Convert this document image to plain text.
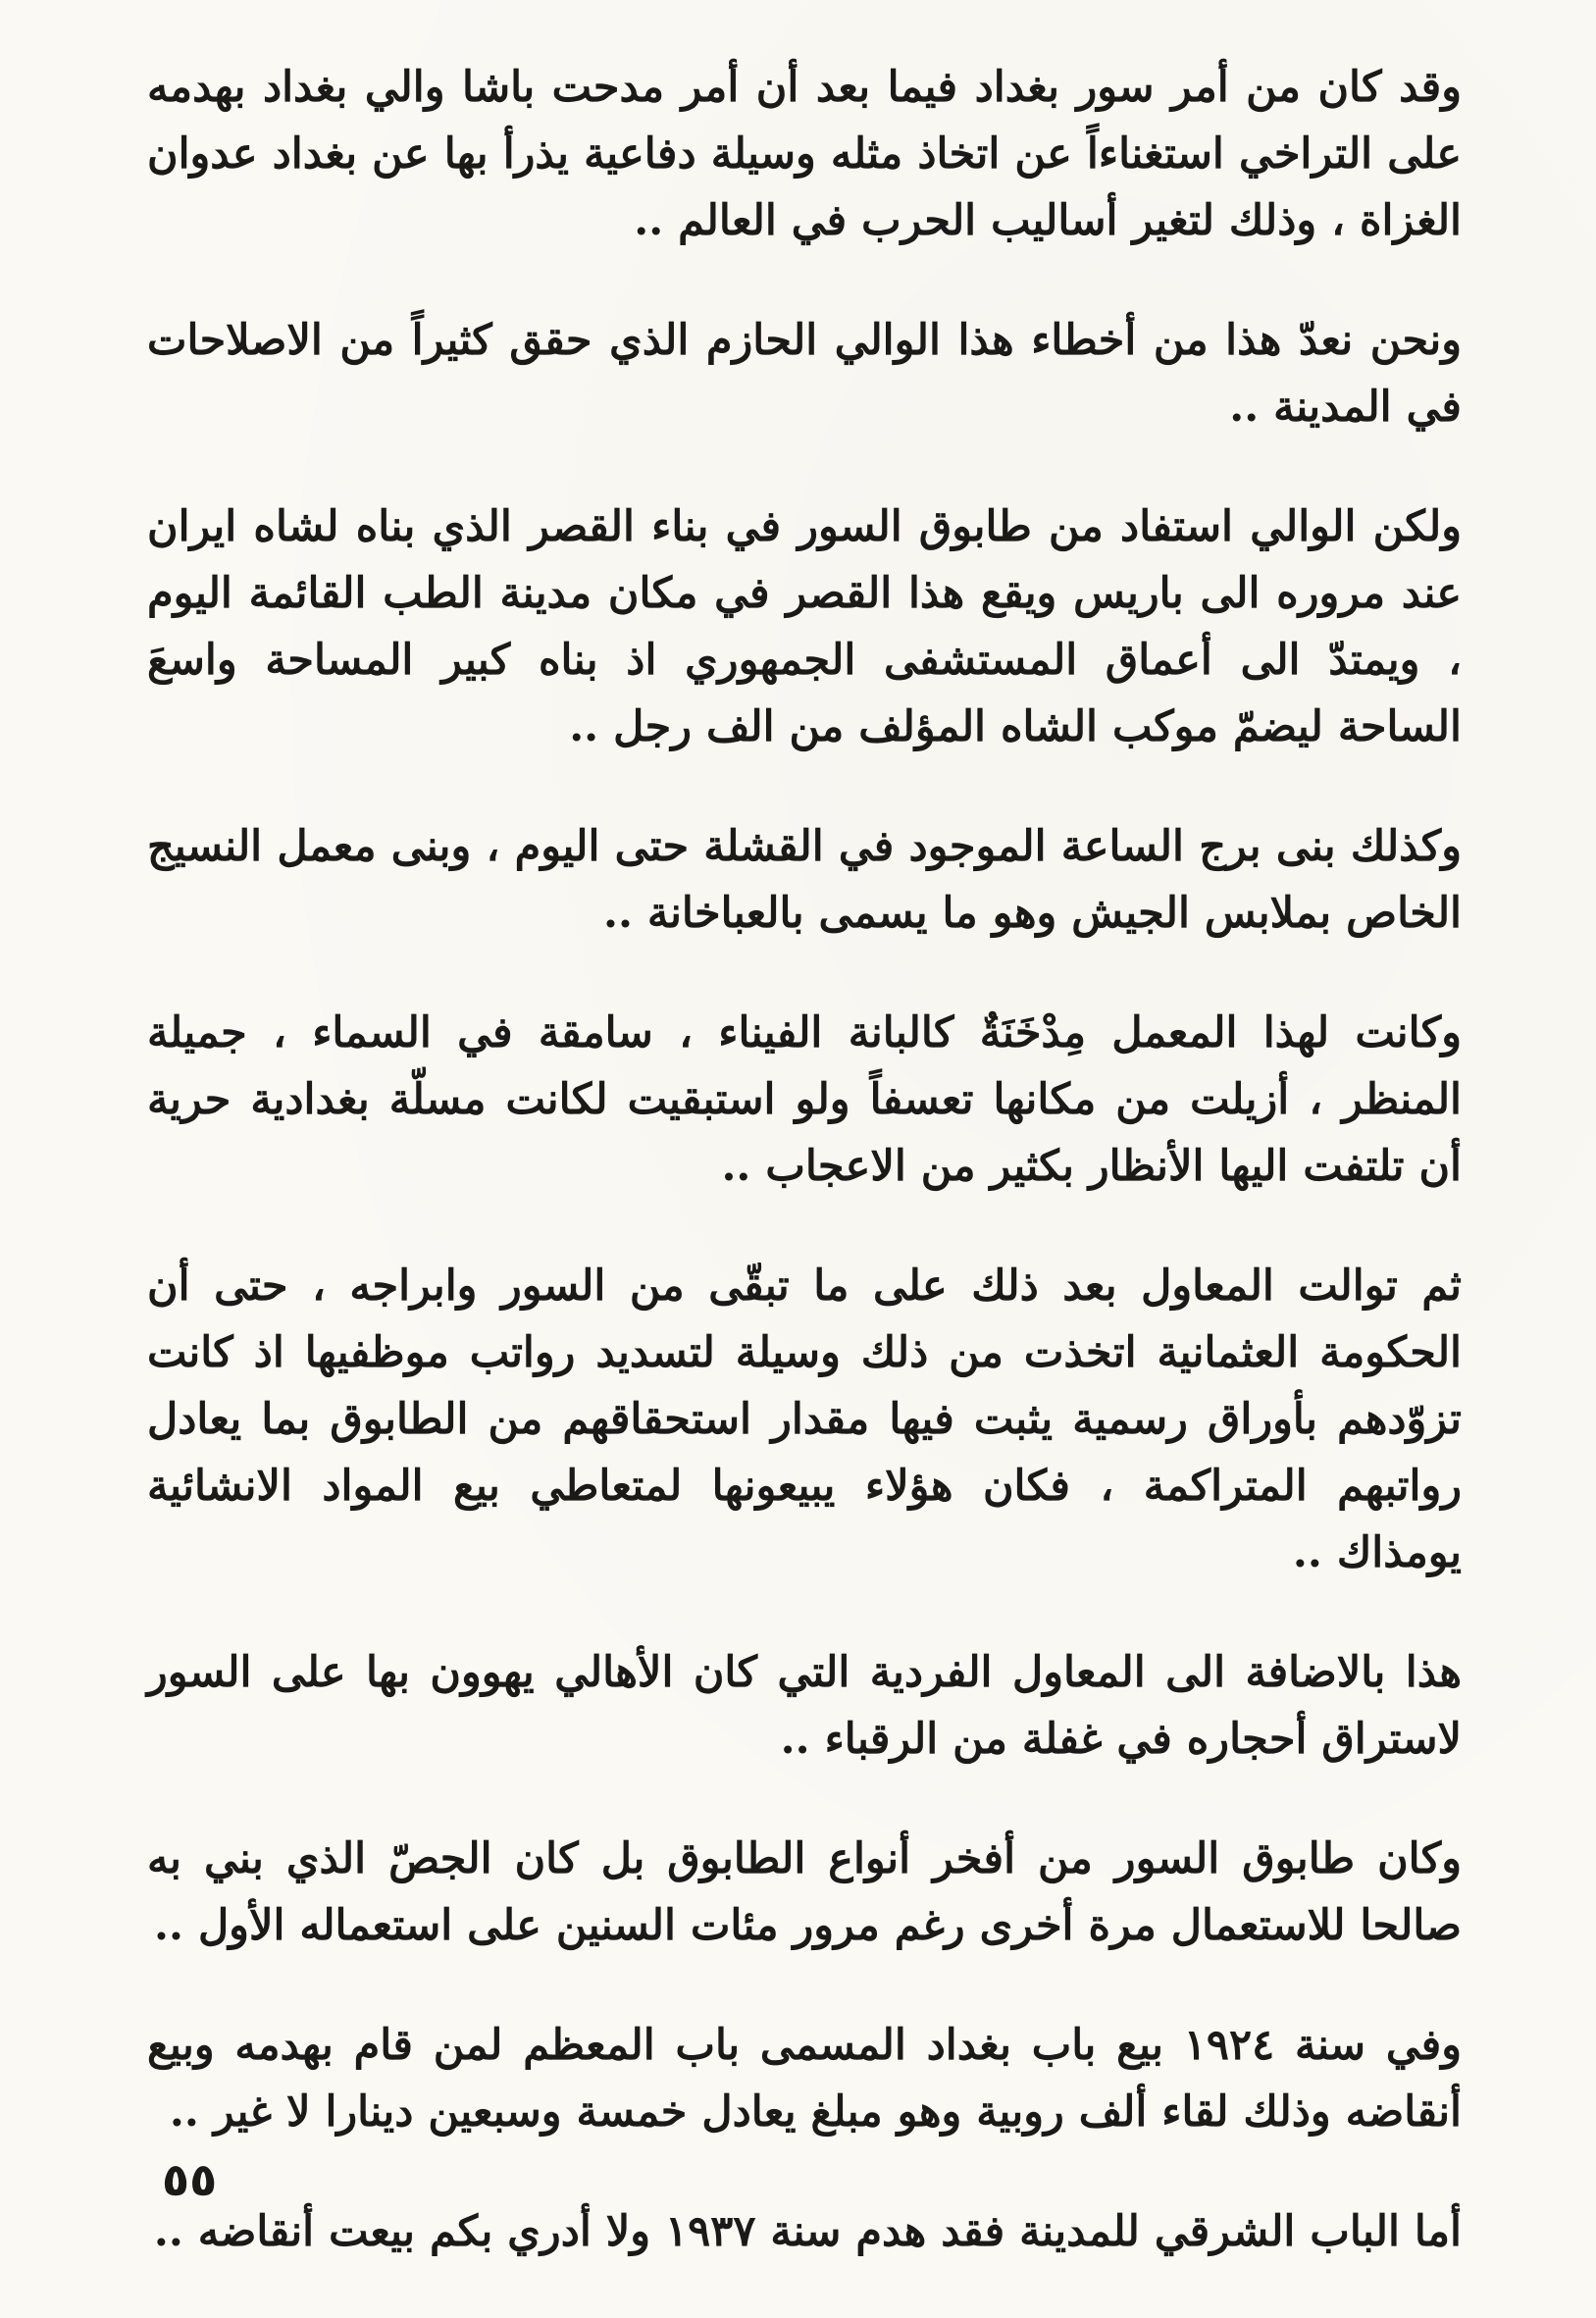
وقد كان من أمر سور بغداد فيما بعد أن أمر مدحت باشا والي بغداد بهدمه على التراخي استغناءاً عن اتخاذ مثله وسيلة دفاعية يذرأ بها عن بغداد عدوان الغزاة ، وذلك لتغير أساليب الحرب في العالم ..

ونحن نعدّ هذا من أخطاء هذا الوالي الحازم الذي حقق كثيراً من الاصلاحات في المدينة ..

ولكن الوالي استفاد من طابوق السور في بناء القصر الذي بناه لشاه ايران عند مروره الى باريس ويقع هذا القصر في مكان مدينة الطب القائمة اليوم ، ويمتدّ الى أعماق المستشفى الجمهوري اذ بناه كبير المساحة واسعَ الساحة ليضمّ موكب الشاه المؤلف من الف رجل ..

وكذلك بنى برج الساعة الموجود في القشلة حتى اليوم ، وبنى معمل النسيج الخاص بملابس الجيش وهو ما يسمى بالعباخانة ..

وكانت لهذا المعمل مِدْخَنَةٌ كالبانة الفيناء ، سامقة في السماء ، جميلة المنظر ، أزيلت من مكانها تعسفاً ولو استبقيت لكانت مسلّة بغدادية حرية أن تلتفت اليها الأنظار بكثير من الاعجاب ..

ثم توالت المعاول بعد ذلك على ما تبقّى من السور وابراجه ، حتى أن الحكومة العثمانية اتخذت من ذلك وسيلة لتسديد رواتب موظفيها اذ كانت تزوّدهم بأوراق رسمية يثبت فيها مقدار استحقاقهم من الطابوق بما يعادل رواتبهم المتراكمة ، فكان هؤلاء يبيعونها لمتعاطي بيع المواد الانشائية يومذاك ..

هذا بالاضافة الى المعاول الفردية التي كان الأهالي يهوون بها على السور لاستراق أحجاره في غفلة من الرقباء ..

وكان طابوق السور من أفخر أنواع الطابوق بل كان الجصّ الذي بني به صالحا للاستعمال مرة أخرى رغم مرور مئات السنين على استعماله الأول ..

وفي سنة ١٩٢٤ بيع باب بغداد المسمى باب المعظم لمن قام بهدمه وبيع أنقاضه وذلك لقاء ألف روبية وهو مبلغ يعادل خمسة وسبعين دينارا لا غير ..

أما الباب الشرقي للمدينة فقد هدم سنة ١٩٣٧ ولا أدري بكم بيعت أنقاضه ..

٥٥
